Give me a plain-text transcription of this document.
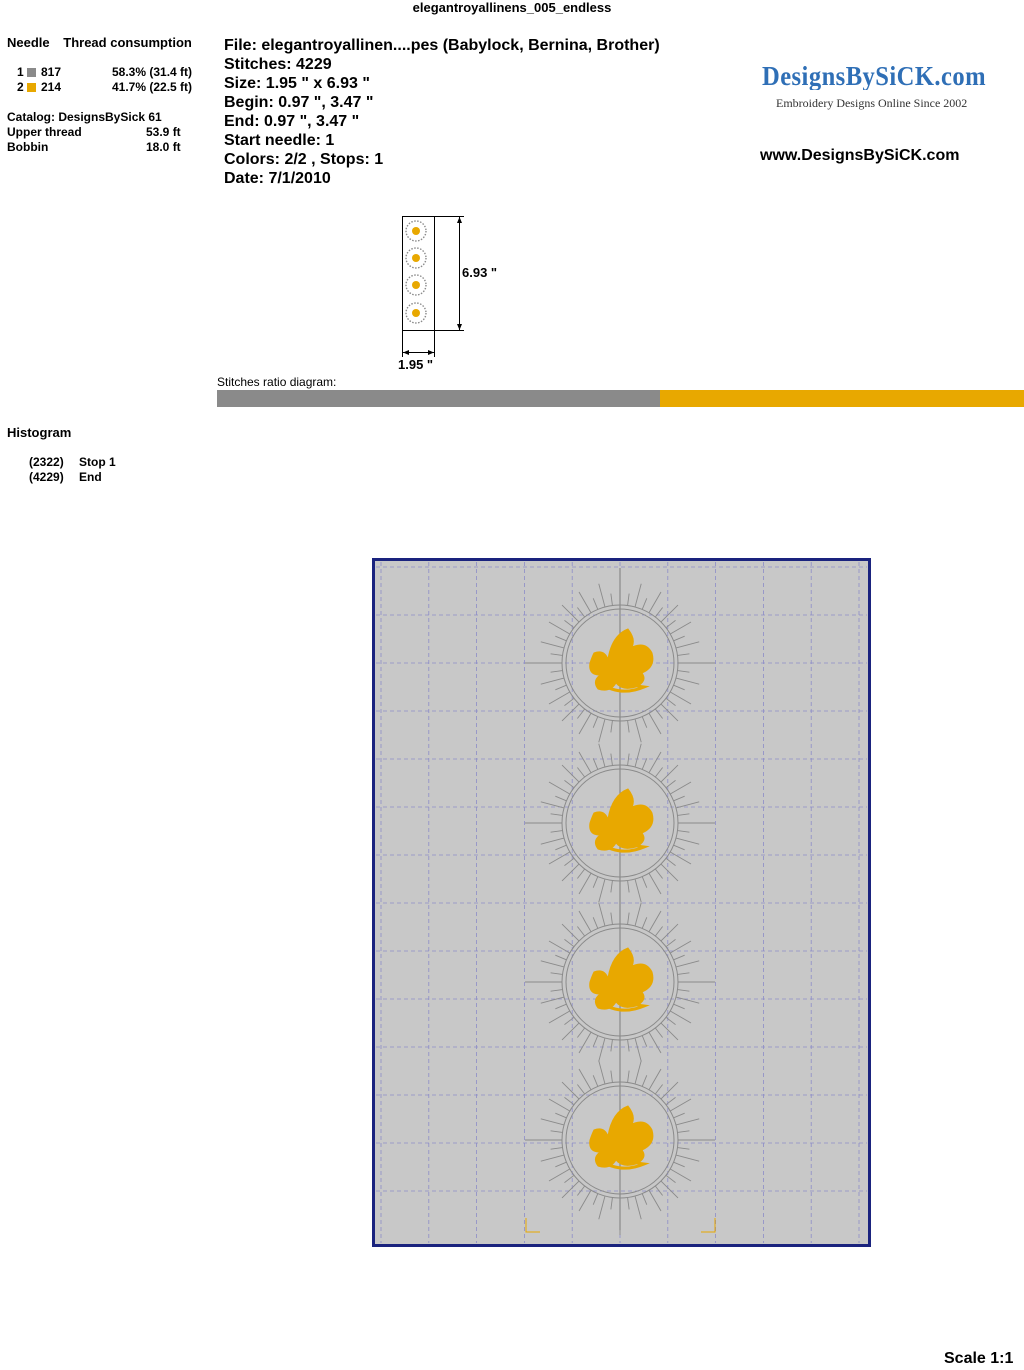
elegantroyallinens_005_endless
Needle Thread consumption
1 817	58.3% (31.4 ft)
2 214	41.7% (22.5 ft)
Catalog: DesignsBySick 61
Upper thread	53.9 ft
Bobbin	18.0 ft
File: elegantroyallinen....pes (Babylock, Bernina, Brother)
Stitches: 4229
Size: 1.95 " x 6.93 "
Begin: 0.97 ", 3.47 "
End: 0.97 ", 3.47 "
Start needle: 1
Colors: 2/2 , Stops: 1
Date: 7/1/2010
DesignsBySiCK.com
Embroidery Designs Online Since 2002
www.DesignsBySiCK.com
6.93 "
1.95 "
Stitches ratio diagram:
Histogram
(2322) Stop 1
(4229) End
Scale 1:1
